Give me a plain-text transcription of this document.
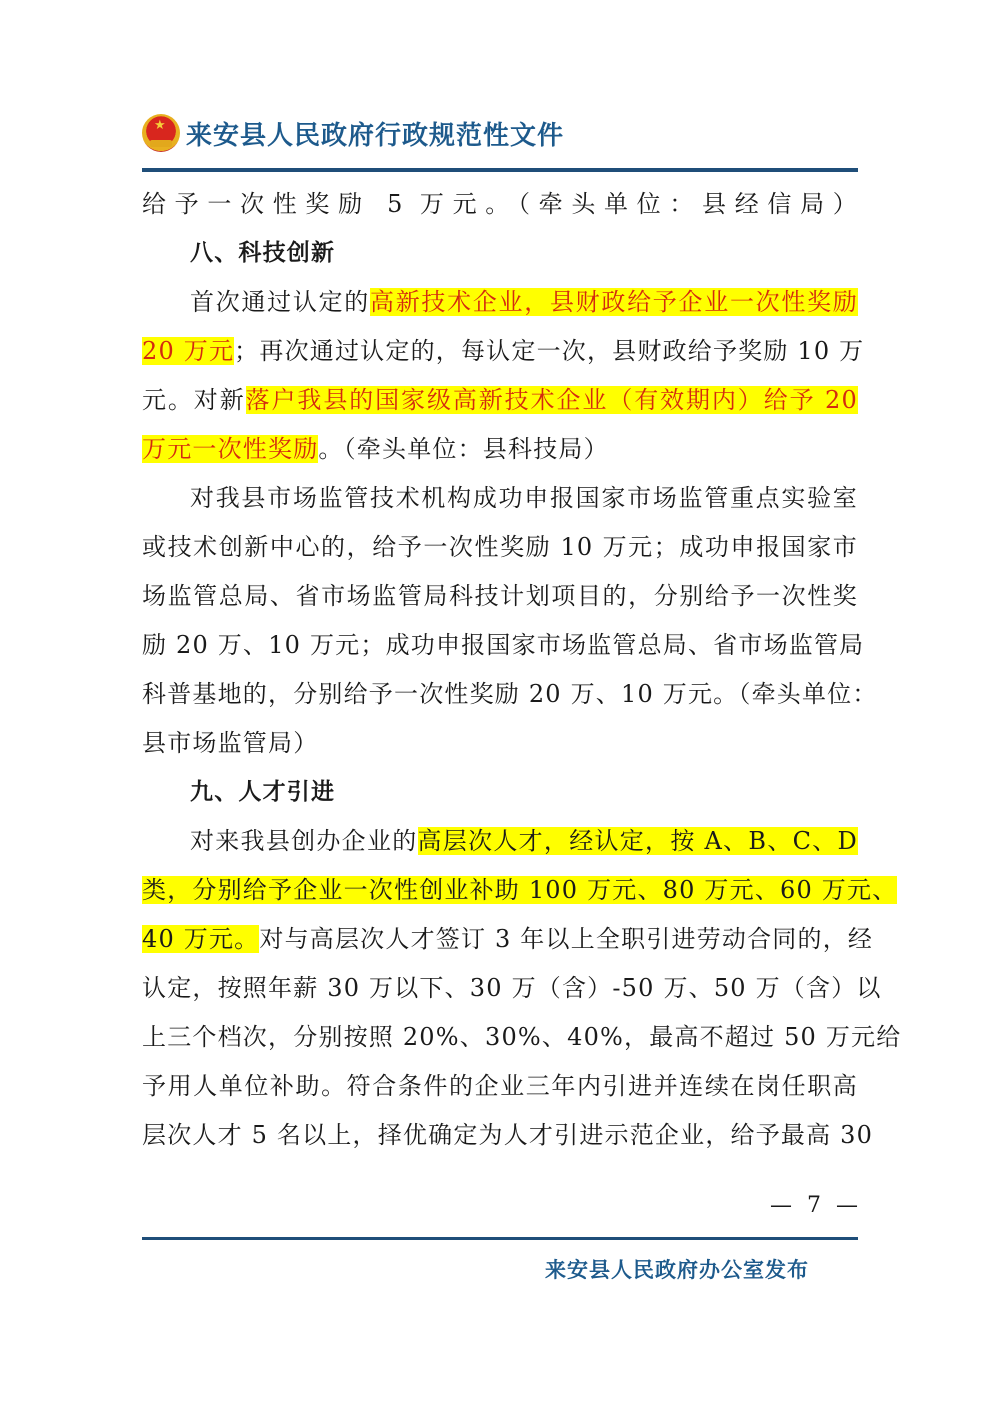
★
来安县人民政府行政规范性文件
给予一次性奖励 5 万元。（牵头单位：县经信局）
八、科技创新
首次通过认定的高新技术企业，县财政给予企业一次性奖励
20 万元；再次通过认定的，每认定一次，县财政给予奖励 10 万
元。对新落户我县的国家级高新技术企业（有效期内）给予 20
万元一次性奖励。（牵头单位：县科技局）
对我县市场监管技术机构成功申报国家市场监管重点实验室
或技术创新中心的，给予一次性奖励 10 万元；成功申报国家市
场监管总局、省市场监管局科技计划项目的，分别给予一次性奖
励 20 万、10 万元；成功申报国家市场监管总局、省市场监管局
科普基地的，分别给予一次性奖励 20 万、10 万元。（牵头单位：
县市场监管局）
九、人才引进
对来我县创办企业的高层次人才，经认定，按 A、B、C、D
类，分别给予企业一次性创业补助 100 万元、80 万元、60 万元、
40 万元。对与高层次人才签订 3 年以上全职引进劳动合同的，经
认定，按照年薪 30 万以下、30 万（含）-50 万、50 万（含）以
上三个档次，分别按照 20%、30%、40%，最高不超过 50 万元给
予用人单位补助。符合条件的企业三年内引进并连续在岗任职高
层次人才 5 名以上，择优确定为人才引进示范企业，给予最高 30
— 7 —
来安县人民政府办公室发布
